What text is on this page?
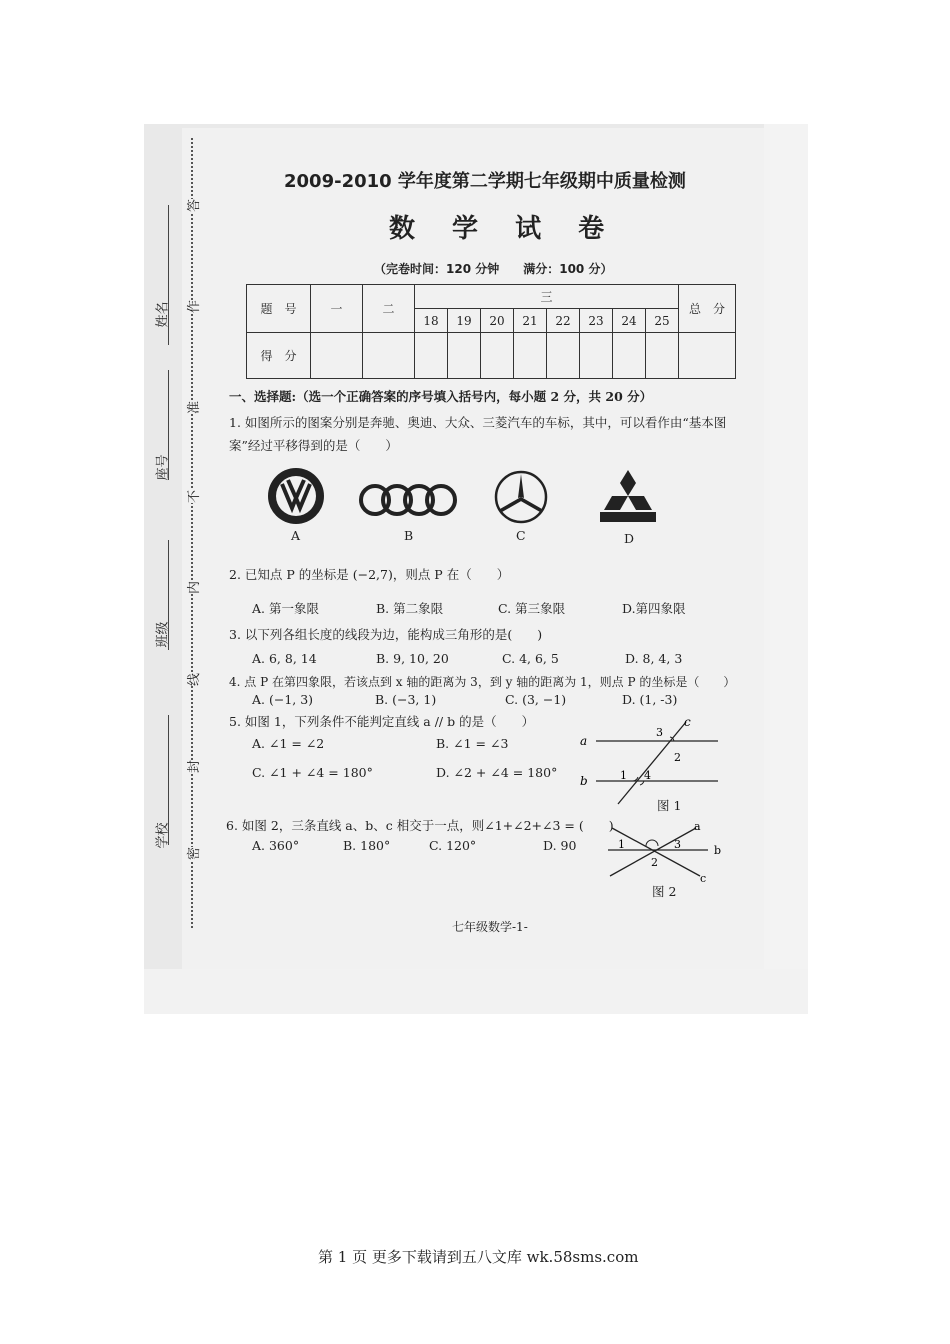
姓名
座号
班级
学校
答
作
准
不
内
线
封
密
2009-2010 学年度第二学期七年级期中质量检测
数 学 试 卷
（完卷时间：120 分钟　　满分：100 分）
题　号	一	二	三								总　分
			18	19	20	21	22	23	24	25	
得　分											
一、选择题:（选一个正确答案的序号填入括号内，每小题 2 分，共 20 分）
1. 如图所示的图案分别是奔驰、奥迪、大众、三菱汽车的车标，其中，可以看作由“基本图
案”经过平移得到的是（　　）
A	B	C	D
2. 已知点 P 的坐标是 (−2,7)，则点 P 在（　　）
A. 第一象限	B. 第二象限	C. 第三象限	D.第四象限
3. 以下列各组长度的线段为边，能构成三角形的是(　　)
A. 6, 8, 14	B. 9, 10, 20	C. 4, 6, 5	D. 8, 4, 3
4. 点 P 在第四象限，若该点到 x 轴的距离为 3，到 y 轴的距离为 1，则点 P 的坐标是（　　）
A. (−1, 3)	B. (−3, 1)	C. (3, −1)	D. (1, -3)
5. 如图 1，下列条件不能判定直线 a // b 的是（　　）
A. ∠1 = ∠2	B. ∠1 = ∠3
C. ∠1 + ∠4 = 180°	D. ∠2 + ∠4 = 180°
a
b
c
1
2
3
4
图 1
6. 如图 2，三条直线 a、b、c 相交于一点，则∠1+∠2+∠3 = (　　)
A. 360°	B. 180°	C. 120°	D. 90	1
2
3
a
b
c
图 2
七年级数学-1-
第 1 页 更多下载请到五八文库 wk.58sms.com
